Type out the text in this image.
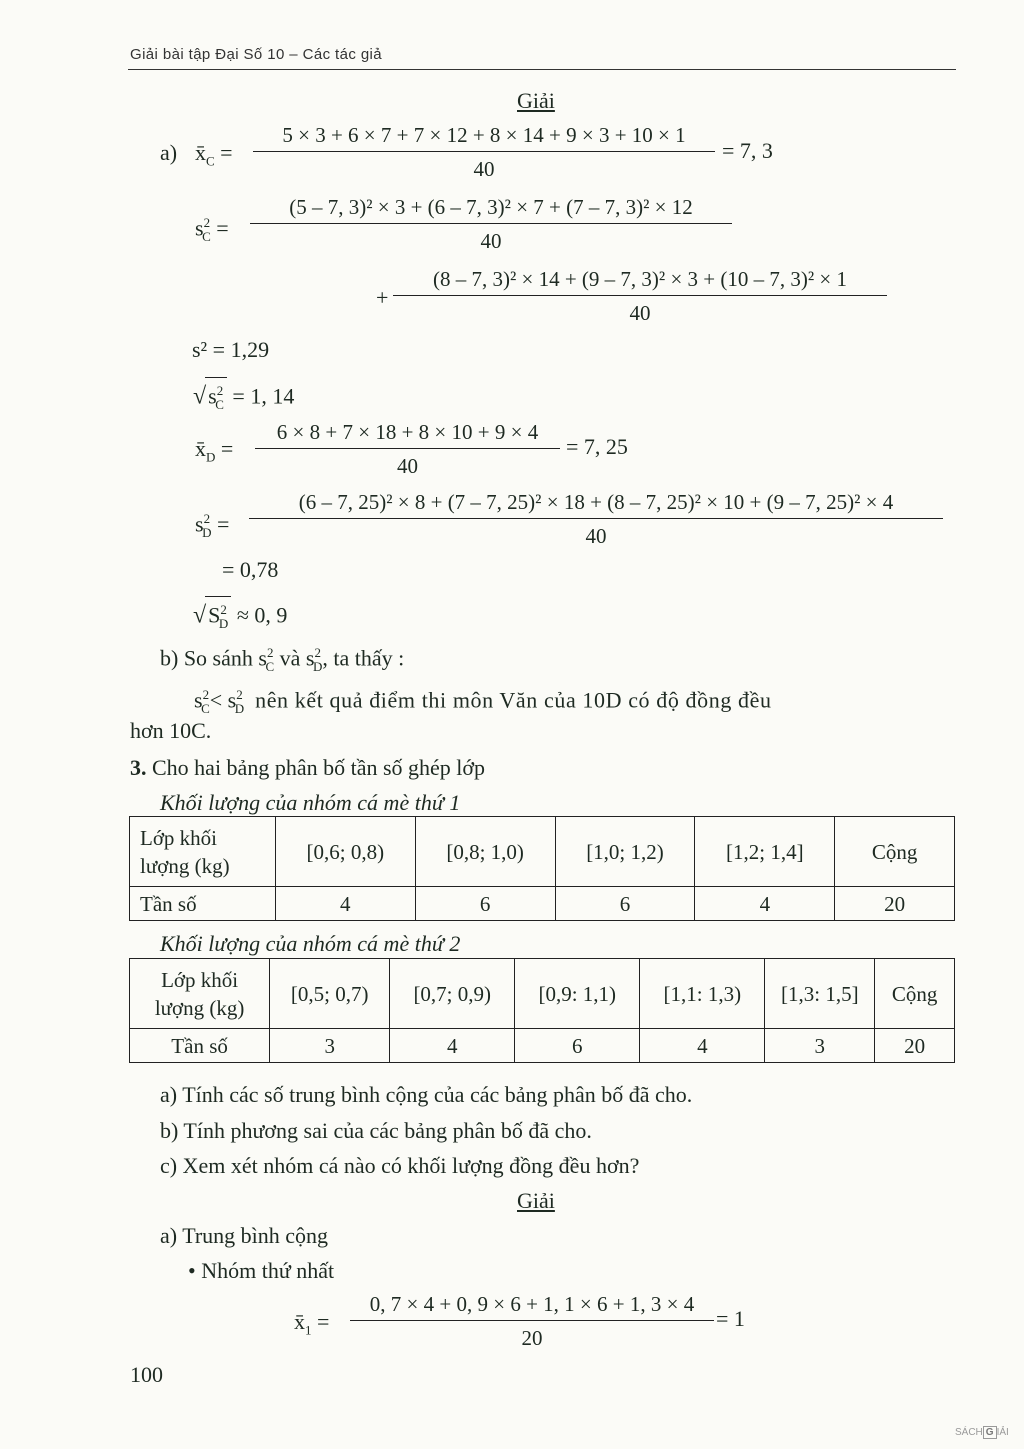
Giải bài tập Đại Số 10 – Các tác giả
Giải
a) $x̄_C = \frac{5 \times 3 + 6 \times 7 + 7 \times 12 + 8 \times 14 + 9 \times 3 + 10 \times 1}{40} = 7$, 3
$s^2_C = \frac{\text{(5 – 7, 3)² × 3 + (6 – 7, 3)² × 7 + (7 – 7, 3)² × 12}}{40}$
+ $\frac{\text{(8 – 7, 3)² × 14 + (9 – 7, 3)² × 3 + (10 – 7, 3)² × 1}}{40}$
s² = 1,29
$√s^2_C = 1$, 14
$x̄_D = \frac{6 \times 8 + 7 \times 18 + 8 \times 10 + 9 \times 4}{40} = 7$, 25
$s^2_D$ =
(6 – 7, 25)² × 8 + (7 – 7, 25)² × 18 + (8 – 7, 25)² × 10 + (9 – 7, 25)² × 4
40
= 0,78
$√S^2_D \approx 0$, 9
b) So sánh $s^2_C$ và $s^2_D$, ta thấy :
$s^2_C< s^2_D$ nên kết quả điểm thi môn Văn của 10D có độ đồng đều
hơn 10C.
3. Cho hai bảng phân bố tần số ghép lớp
Khối lượng của nhóm cá mè thứ 1
Lớp khối lượng (kg)	[0,6; 0,8)	[0,8; 1,0)	[1,0; 1,2)	[1,2; 1,4]	Cộng
Tần số	4	6	6	4	20
Khối lượng của nhóm cá mè thứ 2
Lớp khối lượng (kg)	[0,5; 0,7)	[0,7; 0,9)	[0,9: 1,1)	[1,1: 1,3)	[1,3: 1,5]	Cộng
Tần số	3	4	6	4	3	20
a) Tính các số trung bình cộng của các bảng phân bố đã cho.
b) Tính phương sai của các bảng phân bố đã cho.
c) Xem xét nhóm cá nào có khối lượng đồng đều hơn?
Giải
a) Trung bình cộng
• Nhóm thứ nhất
$x̄_1 = \frac{0, 7 \times 4 + 0, 9 \times 6 + 1, 1 \times 6 + 1, 3 \times 4}{20} = 1$
100
SÁCH G IẢI
